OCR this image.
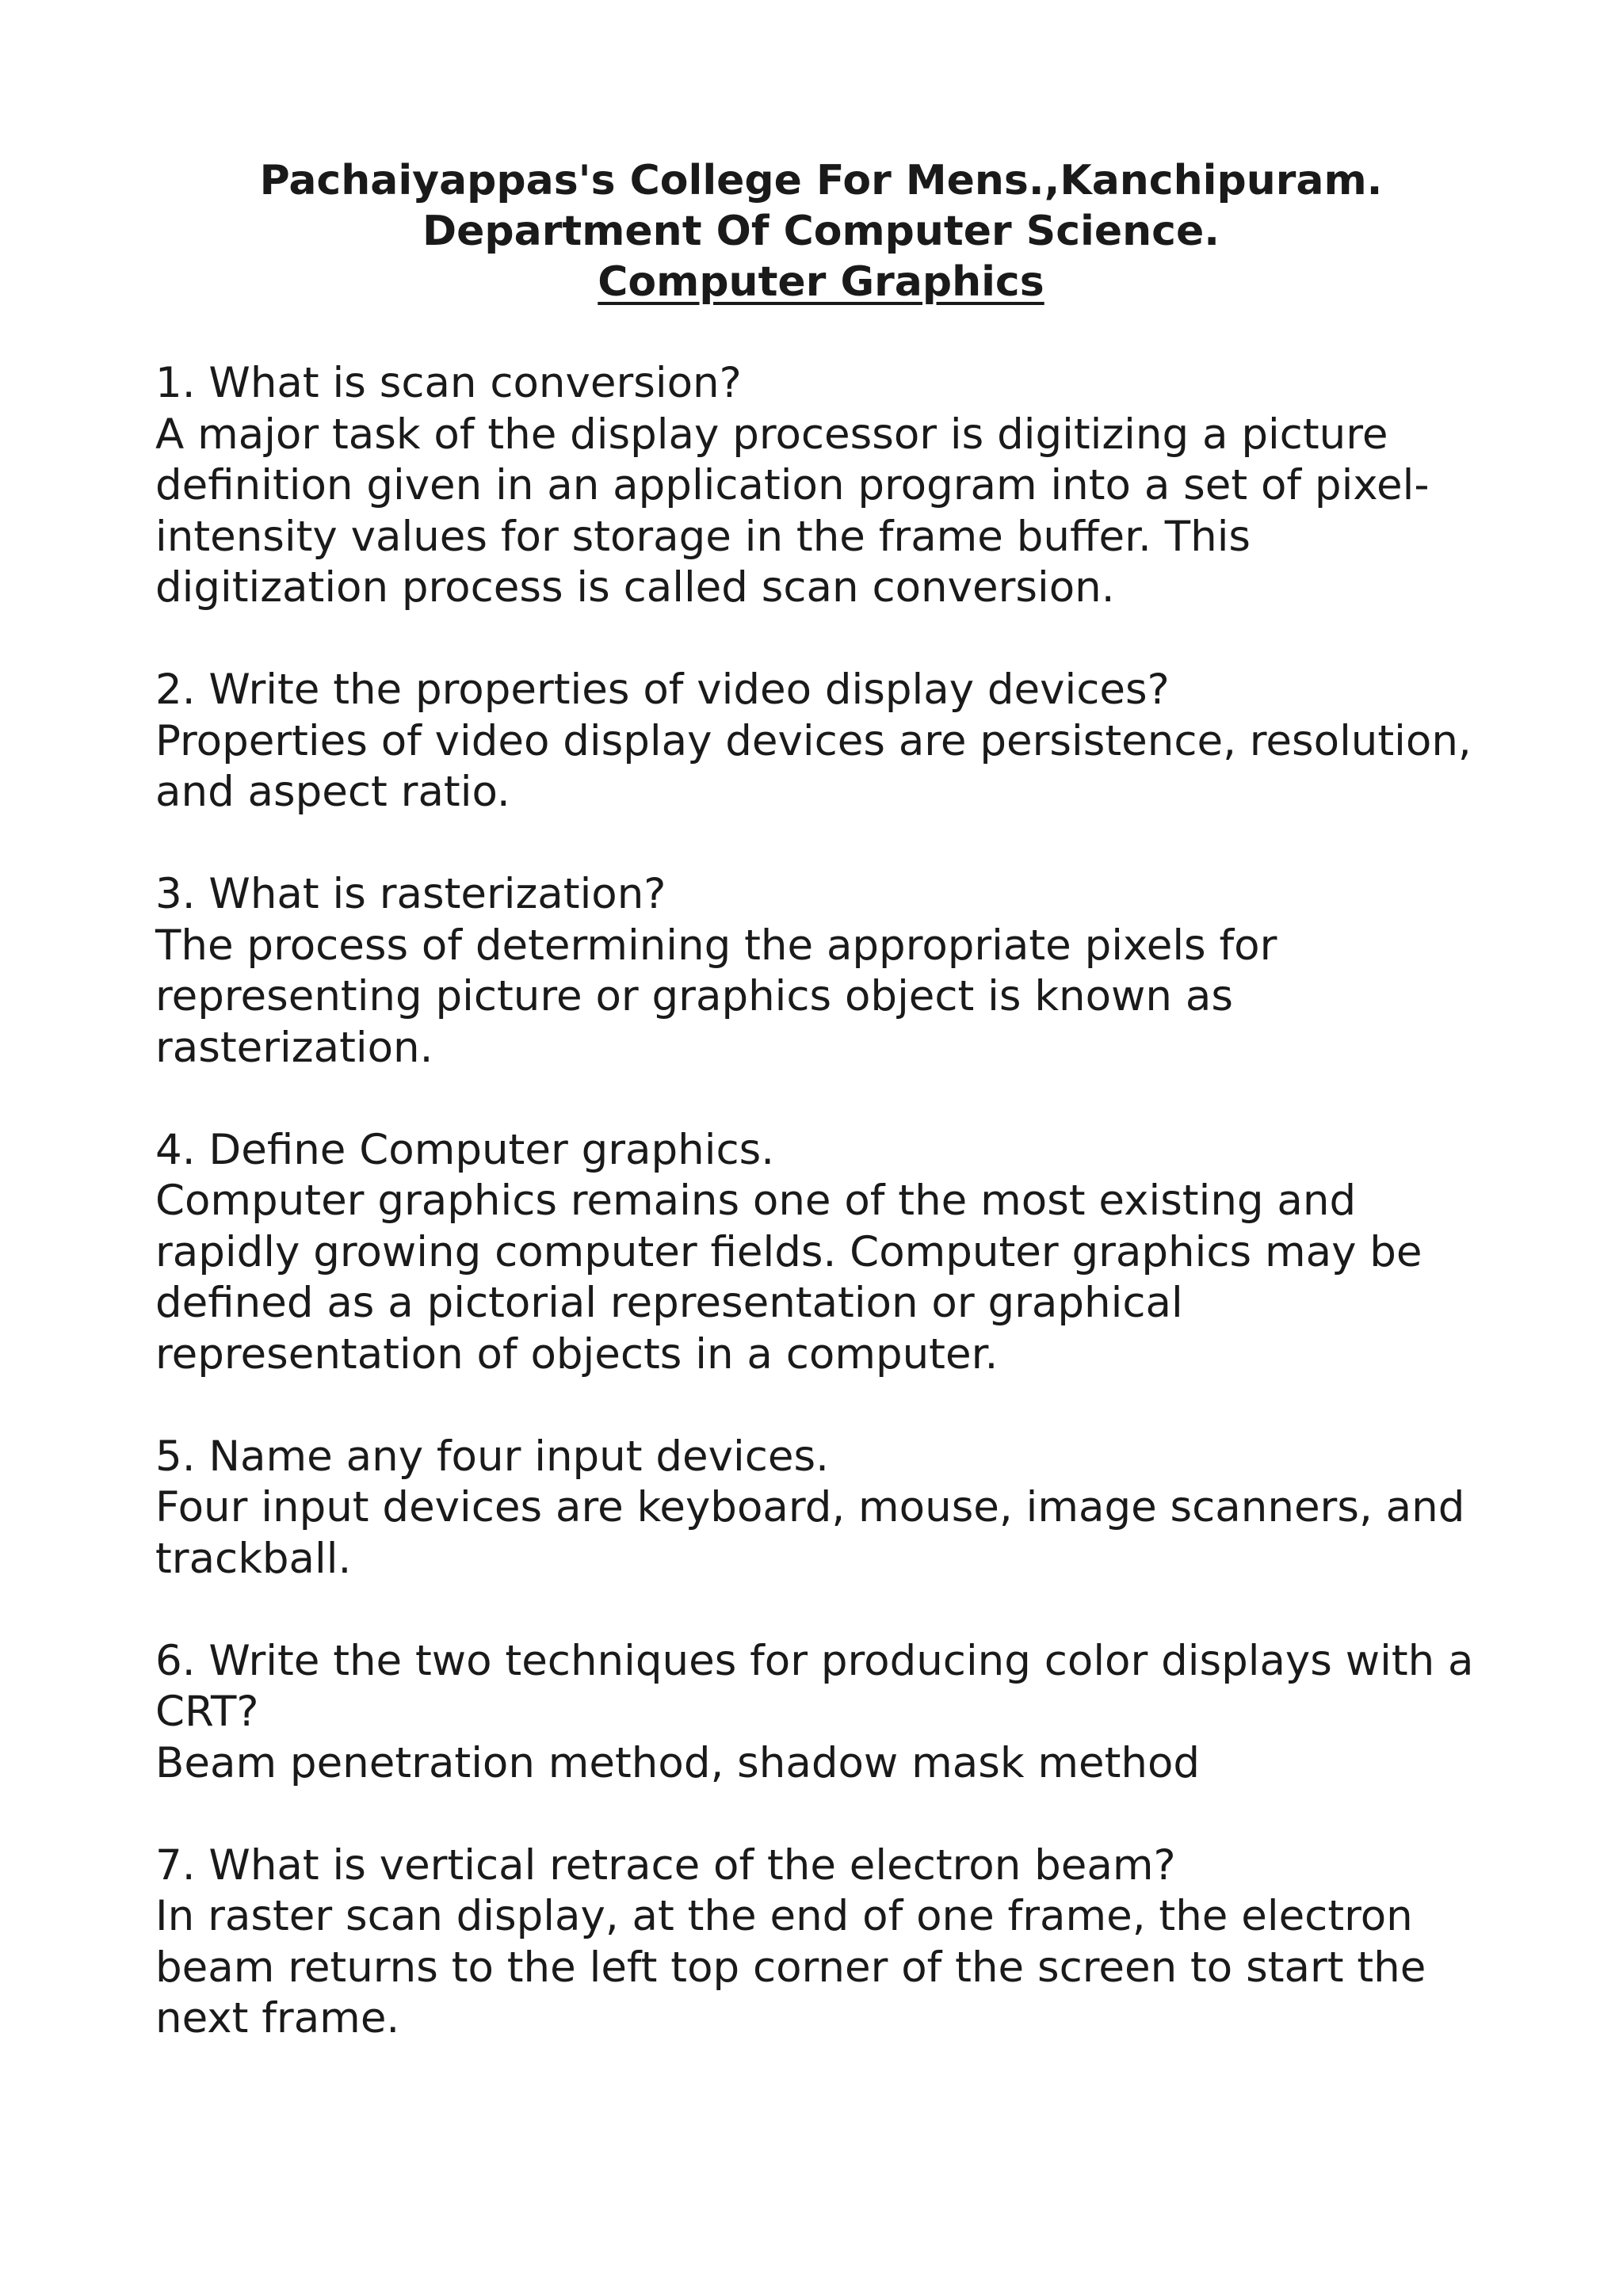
Pachaiyappas's College For Mens.,Kanchipuram.
Department Of Computer Science.
Computer Graphics

1. What is scan conversion?

A major task of the display processor is digitizing a picture definition given in an application program into a set of pixel-intensity values for storage in the frame buffer. This digitization process is called scan conversion.

2. Write the properties of video display devices?

Properties of video display devices are persistence, resolution, and aspect ratio.

3. What is rasterization?

The process of determining the appropriate pixels for representing picture or graphics object is known as rasterization.

4. Define Computer graphics.

Computer graphics remains one of the most existing and rapidly growing computer fields. Computer graphics may be defined as a pictorial representation or graphical representation of objects in a computer.

5. Name any four input devices.

Four input devices are keyboard, mouse, image scanners, and trackball.

6. Write the two techniques for producing color displays with a CRT?

Beam penetration method, shadow mask method

7. What is vertical retrace of the electron beam?

In raster scan display, at the end of one frame, the electron beam returns to the left top corner of the screen to start the next frame.
